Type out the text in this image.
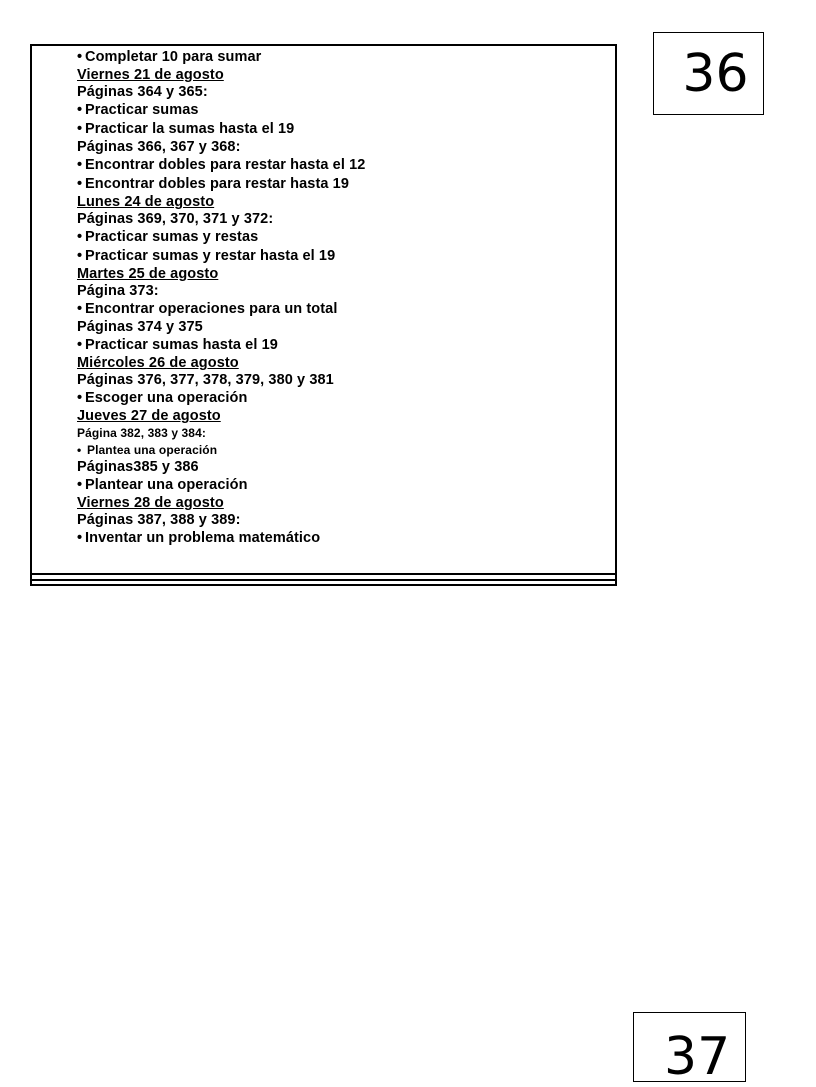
• Completar 10 para sumar
Viernes 21 de agosto
Páginas 364 y 365:
• Practicar sumas
• Practicar la sumas hasta el 19
Páginas 366, 367 y 368:
• Encontrar dobles para restar hasta el 12
• Encontrar dobles para restar hasta 19
Lunes 24 de agosto
Páginas 369, 370, 371 y 372:
• Practicar sumas y restas
• Practicar sumas y restar hasta el 19
Martes 25 de agosto
Página 373:
• Encontrar operaciones para un total
Páginas 374 y 375
• Practicar sumas hasta el 19
Miércoles 26 de agosto
Páginas 376, 377, 378, 379, 380 y 381
• Escoger una operación
Jueves 27 de agosto
Página 382, 383 y 384:
• Plantea una operación
Páginas385 y 386
• Plantear una operación
Viernes 28 de agosto
Páginas 387, 388 y 389:
• Inventar un problema matemático
36
37
